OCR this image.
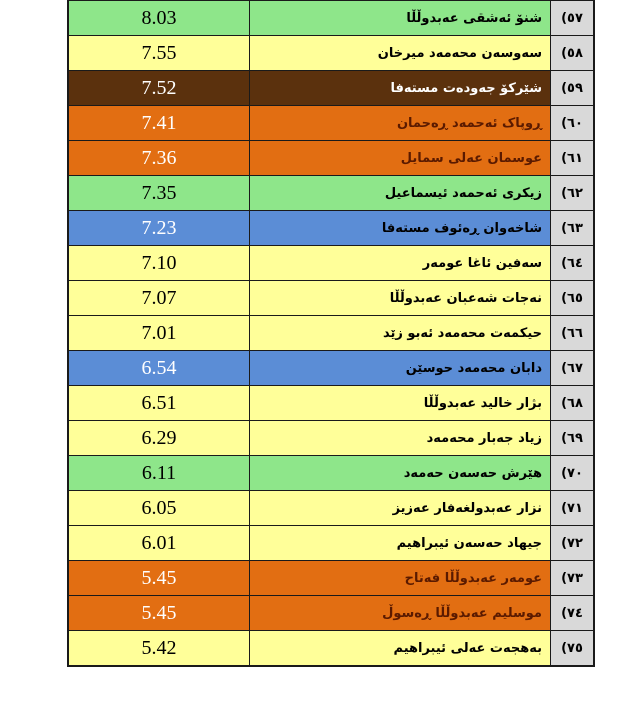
8.03	شنۆ ئەشقی عەبدوڵڵا	٥٧)
7.55	سەوسەن محەمەد میرخان	٥٨)
7.52	شێرکۆ جەودەت مستەفا	٥٩)
7.41	ڕوپاک ئەحمەد ڕەحمان	٦٠)
7.36	عوسمان عەلی سمایل	٦١)
7.35	زیکری ئەحمەد ئیسماعیل	٦٢)
7.23	شاخەوان ڕەئوف مستەفا	٦٣)
7.10	سەفین ئاغا عومەر	٦٤)
7.07	نەجات شەعبان عەبدوڵڵا	٦٥)
7.01	حیکمەت محەمەد ئەبو زێد	٦٦)
6.54	دابان محەمەد حوسێن	٦٧)
6.51	بژار خالید عەبدوڵڵا	٦٨)
6.29	زیاد جەبار محەمەد	٦٩)
6.11	هێرش حەسەن حەمەد	٧٠)
6.05	نزار عەبدولغەفار عەزیز	٧١)
6.01	جیهاد حەسەن ئیبراهیم	٧٢)
5.45	عومەر عەبدوڵڵا فەتاح	٧٣)
5.45	موسلیم عەبدوڵڵا ڕەسوڵ	٧٤)
5.42	بەهجەت عەلی ئیبراهیم	٧٥)
